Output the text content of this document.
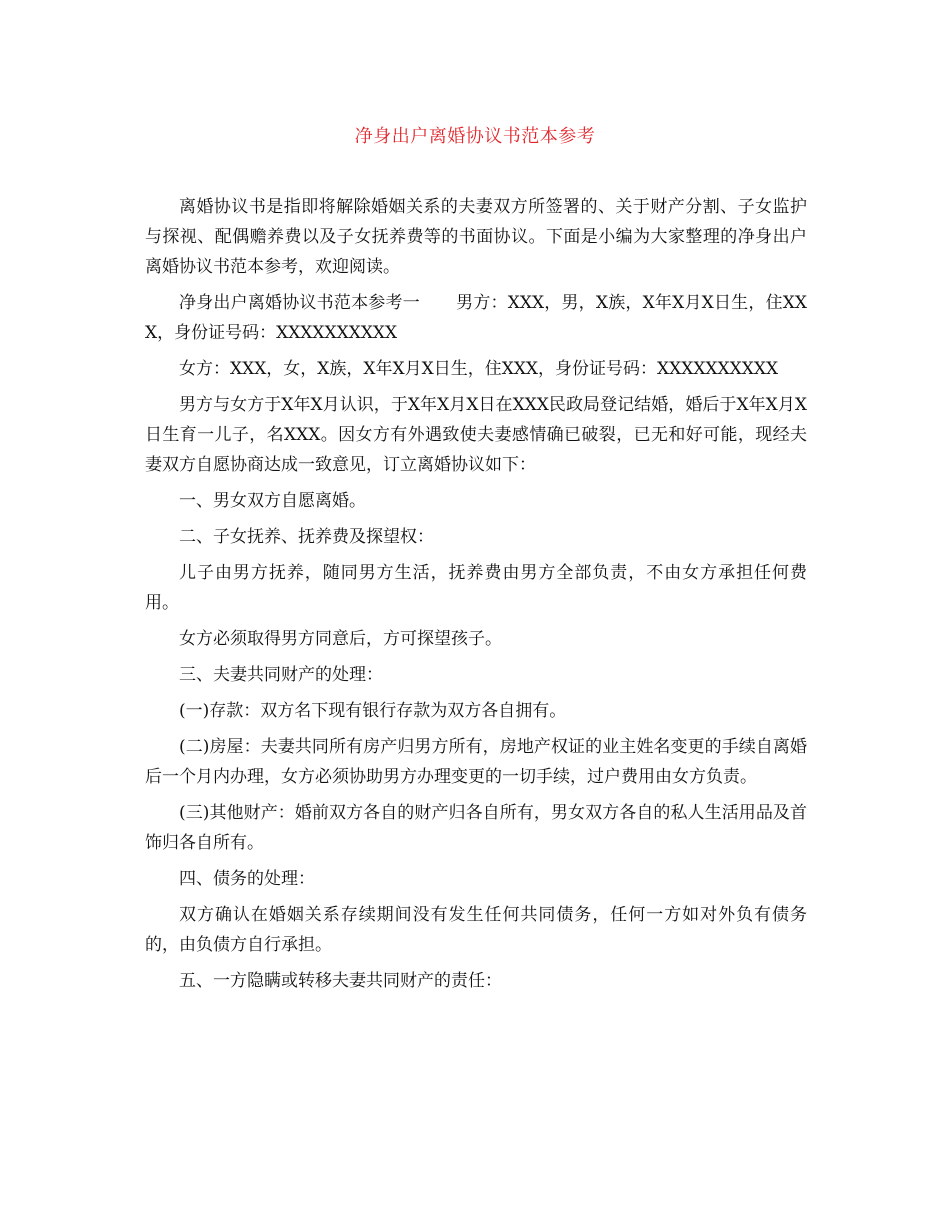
净身出户离婚协议书范本参考

离婚协议书是指即将解除婚姻关系的夫妻双方所签署的、关于财产分割、子女监护与探视、配偶赡养费以及子女抚养费等的书面协议。下面是小编为大家整理的净身出户离婚协议书范本参考，欢迎阅读。

净身出户离婚协议书范本参考一 男方：XXX，男，X族，X年X月X日生，住XXX，身份证号码：XXXXXXXXXX

女方：XXX，女，X族，X年X月X日生，住XXX，身份证号码：XXXXXXXXXX

男方与女方于X年X月认识，于X年X月X日在XXX民政局登记结婚，婚后于X年X月X日生育一儿子，名XXX。因女方有外遇致使夫妻感情确已破裂，已无和好可能，现经夫妻双方自愿协商达成一致意见，订立离婚协议如下：

一、男女双方自愿离婚。

二、子女抚养、抚养费及探望权：

儿子由男方抚养，随同男方生活，抚养费由男方全部负责，不由女方承担任何费用。

女方必须取得男方同意后，方可探望孩子。

三、夫妻共同财产的处理：

(一)存款：双方名下现有银行存款为双方各自拥有。

(二)房屋：夫妻共同所有房产归男方所有，房地产权证的业主姓名变更的手续自离婚后一个月内办理，女方必须协助男方办理变更的一切手续，过户费用由女方负责。

(三)其他财产：婚前双方各自的财产归各自所有，男女双方各自的私人生活用品及首饰归各自所有。

四、债务的处理：

双方确认在婚姻关系存续期间没有发生任何共同债务，任何一方如对外负有债务的，由负债方自行承担。

五、一方隐瞒或转移夫妻共同财产的责任：
